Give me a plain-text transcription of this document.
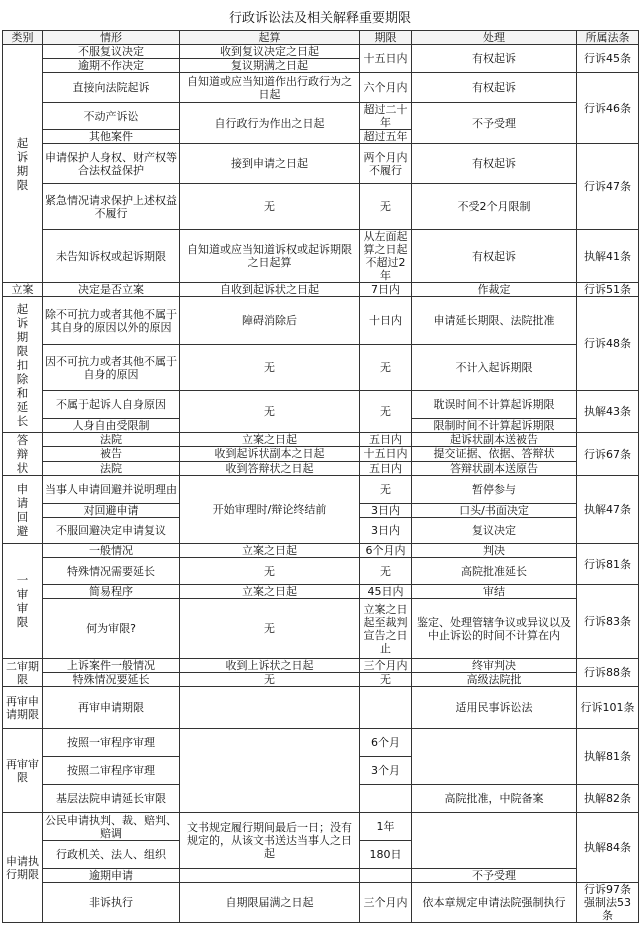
行政诉讼法及相关解释重要期限
类别	情形	起算	期限	处理	所属法条
起诉期限	不服复议决定	收到复议决定之日起	十五日内	有权起诉	行诉45条
	逾期不作决定	复议期满之日起			
	直接向法院起诉	自知道或应当知道作出行政行为之日起	六个月内	有权起诉	行诉46条
	不动产诉讼	自行政行为作出之日起	超过二十年	不予受理	
	其他案件		超过五年		
	申请保护人身权、财产权等合法权益保护	接到申请之日起	两个月内不履行	有权起诉	行诉47条
	紧急情况请求保护上述权益不履行	无	无	不受2个月限制	
	未告知诉权或起诉期限	自知道或应当知道诉权或起诉期限之日起算	从左面起算之日起不超过2年	有权起诉	执解41条
立案	决定是否立案	自收到起诉状之日起	7日内	作裁定	行诉51条
起诉期限扣除和延长	除不可抗力或者其他不属于其自身的原因以外的原因	障碍消除后	十日内	申请延长期限、法院批准	行诉48条
	因不可抗力或者其他不属于自身的原因	无	无	不计入起诉期限	
	不属于起诉人自身原因	无	无	耽误时间不计算起诉期限	执解43条
	人身自由受限制			限制时间不计算起诉期限	
答辩状	法院	立案之日起	五日内	起诉状副本送被告	行诉67条
	被告	收到起诉状副本之日起	十五日内	提交证据、依据、答辩状	
	法院	收到答辩状之日起	五日内	答辩状副本送原告	
申请回避	当事人申请回避并说明理由	开始审理时/辩论终结前	无	暂停参与	执解47条
	对回避申请		3日内	口头/书面决定	
	不服回避决定申请复议		3日内	复议决定	
一审审限	一般情况	立案之日起	6个月内	判决	行诉81条
	特殊情况需要延长	无	无	高院批准延长	
	简易程序	立案之日起	45日内	审结	行诉83条
	何为审限?	无	立案之日起至裁判宣告之日止	鉴定、处理管辖争议或异议以及中止诉讼的时间不计算在内	
二审期限	上诉案件一般情况	收到上诉状之日起	三个月内	终审判决	行诉88条
	特殊情况要延长	无	无	高级法院批	
再审申请期限	再审申请期限			适用民事诉讼法	行诉101条
再审审限	按照一审程序审理		6个月		执解81条
	按照二审程序审理		3个月		
	基层法院申请延长审限			高院批准，中院备案	执解82条
申请执行期限	公民申请执判、裁、赔判、赔调	文书规定履行期间最后一日；没有规定的，从该文书送达当事人之日起	1年		执解84条
	行政机关、法人、组织		180日		
	逾期申请			不予受理	
	非诉执行	自期限届满之日起	三个月内	依本章规定申请法院强制执行	行诉97条
强制法53条
